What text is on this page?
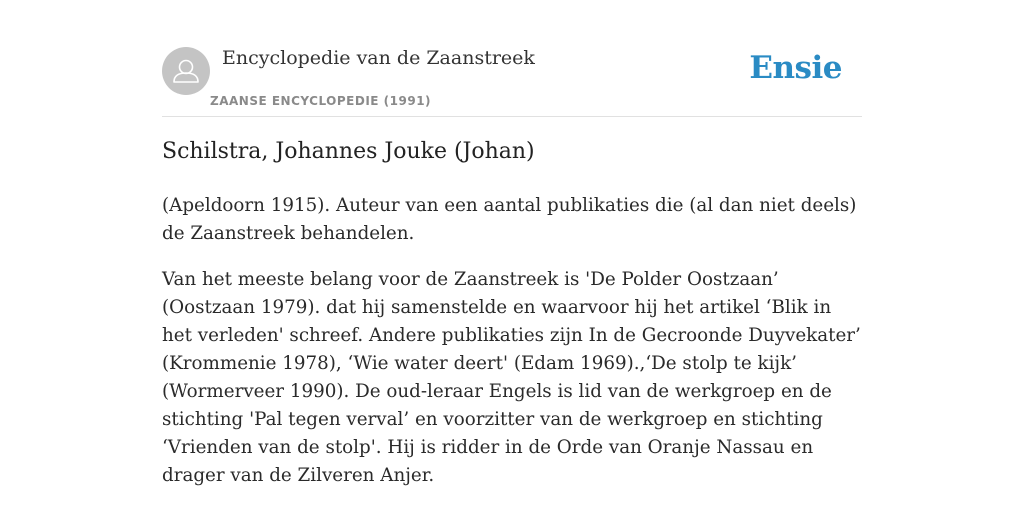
Encyclopedie van de Zaanstreek
ZAANSE ENCYCLOPEDIE (1991)
Ensie
Schilstra, Johannes Jouke (Johan)

(Apeldoorn 1915). Auteur van een aantal publikaties die (al dan niet deels) de Zaanstreek behandelen.

Van het meeste belang voor de Zaanstreek is 'De Polder Oostzaan’ (Oostzaan 1979). dat hij samenstelde en waarvoor hij het artikel ‘Blik in het verleden' schreef. Andere publikaties zijn In de Gecroonde Duyvekater’ (Krommenie 1978), ‘Wie water deert' (Edam 1969).,‘De stolp te kijk’ (Wormerveer 1990). De oud-leraar Engels is lid van de werkgroep en de stichting 'Pal tegen verval’ en voorzitter van de werkgroep en stichting ‘Vrienden van de stolp'. Hij is ridder in de Orde van Oranje Nassau en drager van de Zilveren Anjer.
